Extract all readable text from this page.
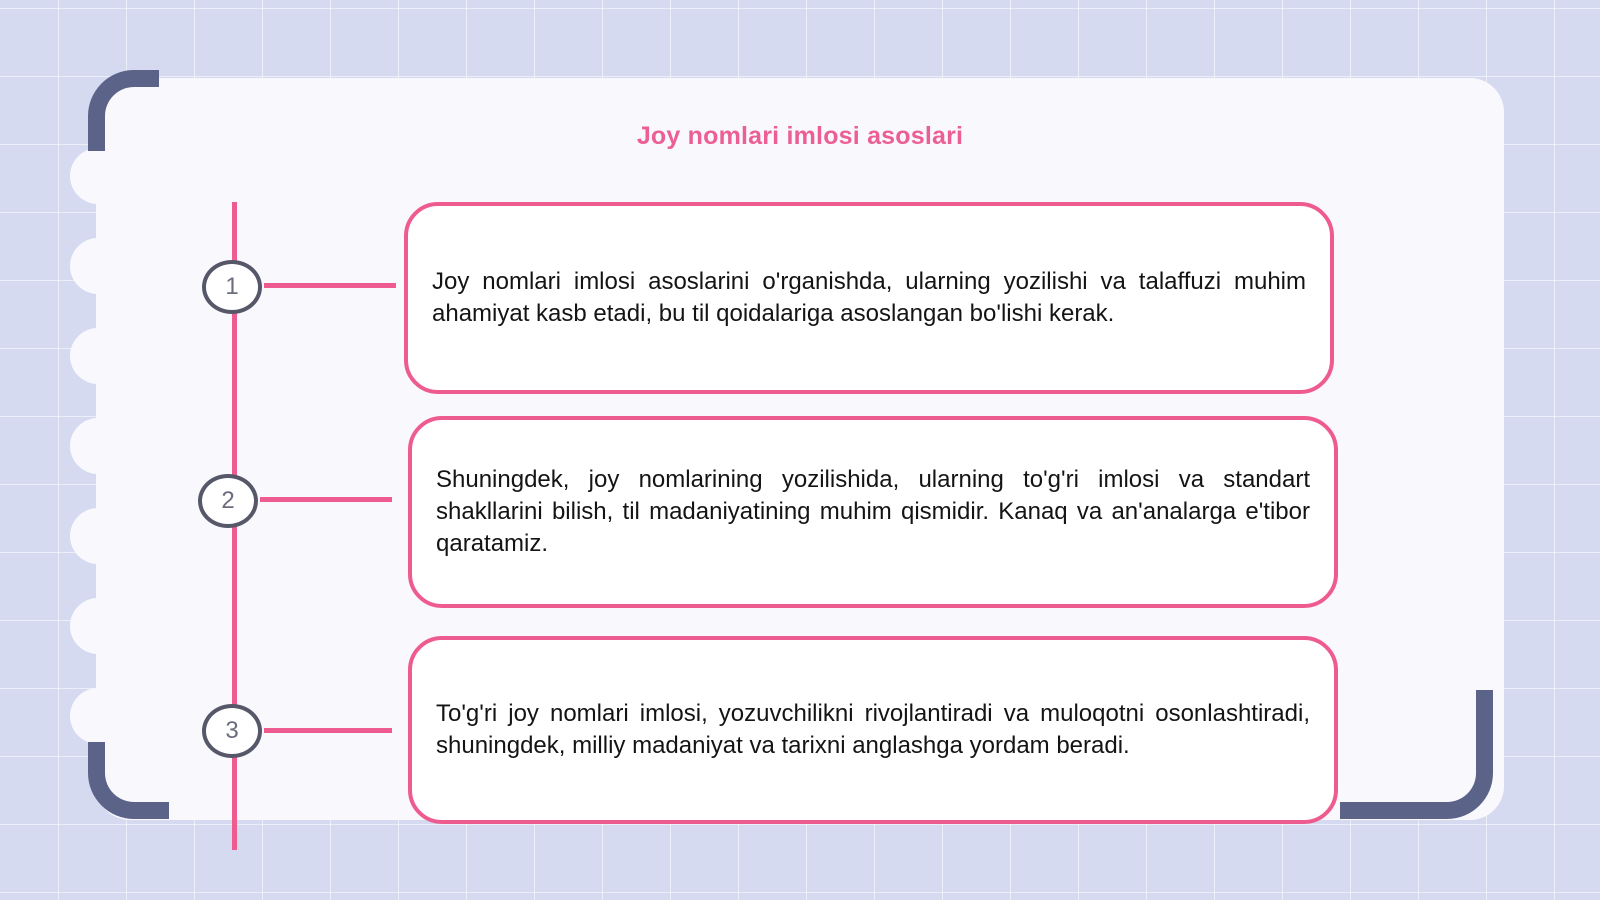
Joy nomlari imlosi asoslari
1	Joy nomlari imlosi asoslarini o'rganishda, ularning yozilishi va talaffuzi muhim ahamiyat kasb etadi, bu til qoidalariga asoslangan bo'lishi kerak.
2
Shuningdek, joy nomlarining yozilishida, ularning to'g'ri imlosi va standart shakllarini bilish, til madaniyatining muhim qismidir. Kanaq va an'analarga e'tibor qaratamiz.
3
To'g'ri joy nomlari imlosi, yozuvchilikni rivojlantiradi va muloqotni osonlashtiradi, shuningdek, milliy madaniyat va tarixni anglashga yordam beradi.
